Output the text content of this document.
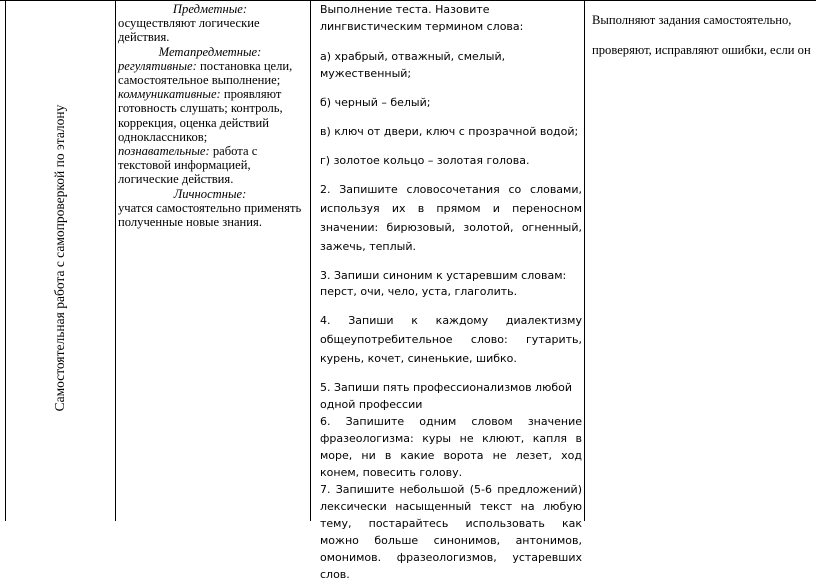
Самостоятельная работа с самопроверкой по эталону

Предметные:

осуществляют логические действия.

Метапредметные:

регулятивные: постановка цели, самостоятельное выполнение;

коммуникативные: проявляют готовность слушать; контроль, коррекция, оценка действий одноклассников;

познавательные: работа с текстовой информацией, логические действия.

Личностные:

учатся самостоятельно применять полученные новые знания.

Выполнение теста. Назовите лингвистическим термином слова:

а) храбрый, отважный, смелый, мужественный;

б) черный – белый;

в) ключ от двери, ключ с прозрачной водой;

г) золотое кольцо – золотая голова.

2. Запишите словосочетания со словами, используя их в прямом и переносном значении: бирюзовый, золотой, огненный, зажечь, теплый.

3. Запиши синоним к устаревшим словам: перст, очи, чело, уста, глаголить.

4. Запиши к каждому диалектизму общеупотребительное слово: гутарить, курень, кочет, синенькие, шибко.

5. Запиши пять профессионализмов любой одной профессии

6. Запишите одним словом значение фразеологизма: куры не клюют, капля в море, ни в какие ворота не лезет, ход конем, повесить голову.

7. Запишите небольшой (5-6 предложений) лексически насыщенный текст на любую тему, постарайтесь использовать как можно больше синонимов, антонимов, омонимов. фразеологизмов, устаревших слов.

Выполняют задания самостоятельно,

проверяют, исправляют ошибки, если он
